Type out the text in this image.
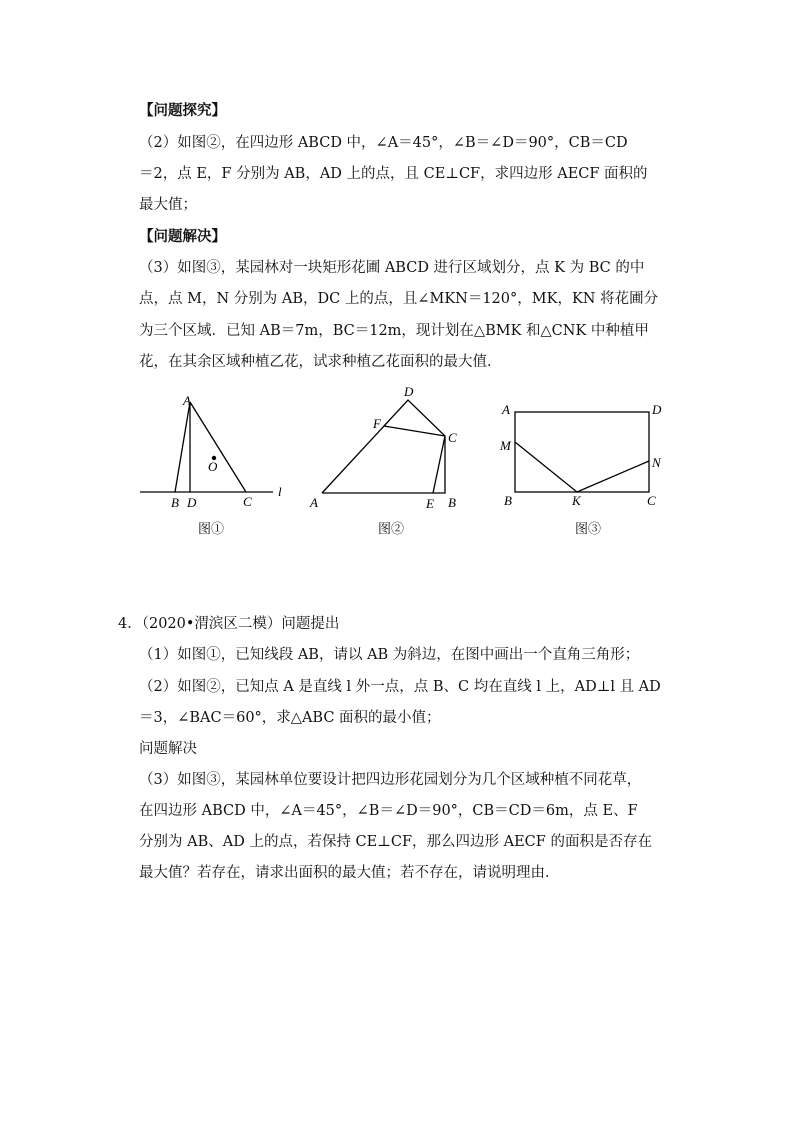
【问题探究】
（2）如图②，在四边形 ABCD 中，∠A＝45°，∠B＝∠D＝90°，CB＝CD
＝2，点 E，F 分别为 AB，AD 上的点，且 CE⊥CF，求四边形 AECF 面积的
最大值；
【问题解决】
（3）如图③，某园林对一块矩形花圃 ABCD 进行区域划分，点 K 为 BC 的中
点，点 M，N 分别为 AB，DC 上的点，且∠MKN＝120°，MK，KN 将花圃分
为三个区域．已知 AB＝7m，BC＝12m，现计划在△BMK 和△CNK 中种植甲
花，在其余区域种植乙花，试求种植乙花面积的最大值．
A
O
B D	C
l
图①
D
F
C
A	E B
图②
A	D
M
N
B	K	C
图③
4．（2020•渭滨区二模）问题提出
（1）如图①，已知线段 AB，请以 AB 为斜边，在图中画出一个直角三角形；
（2）如图②，已知点 A 是直线 l 外一点，点 B、C 均在直线 l 上，AD⊥l 且 AD
＝3，∠BAC＝60°，求△ABC 面积的最小值；
问题解决
（3）如图③，某园林单位要设计把四边形花园划分为几个区域种植不同花草，
在四边形 ABCD 中，∠A＝45°，∠B＝∠D＝90°，CB＝CD＝6m，点 E、F
分别为 AB、AD 上的点，若保持 CE⊥CF，那么四边形 AECF 的面积是否存在
最大值？若存在，请求出面积的最大值；若不存在，请说明理由．
